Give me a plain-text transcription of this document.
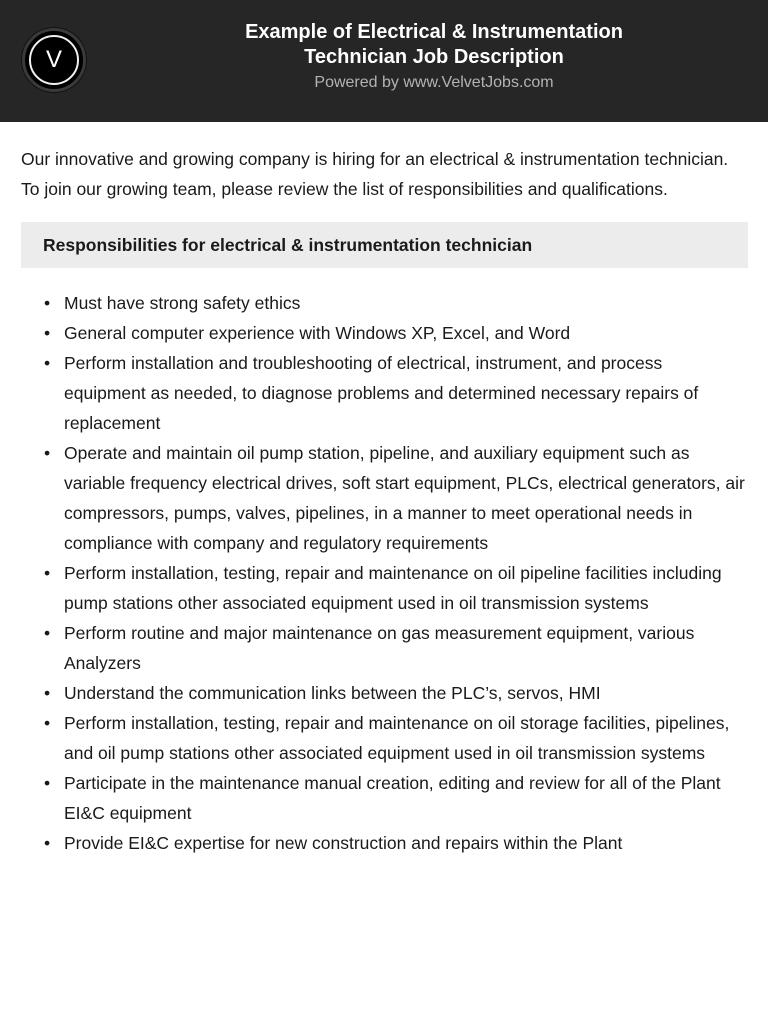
V
Example of Electrical & Instrumentation Technician Job Description
Powered by www.VelvetJobs.com

Our innovative and growing company is hiring for an electrical & instrumentation technician. To join our growing team, please review the list of responsibilities and qualifications.

Responsibilities for electrical & instrumentation technician
• Must have strong safety ethics
• General computer experience with Windows XP, Excel, and Word
• Perform installation and troubleshooting of electrical, instrument, and process equipment as needed, to diagnose problems and determined necessary repairs of replacement
• Operate and maintain oil pump station, pipeline, and auxiliary equipment such as variable frequency electrical drives, soft start equipment, PLCs, electrical generators, air compressors, pumps, valves, pipelines, in a manner to meet operational needs in compliance with company and regulatory requirements
• Perform installation, testing, repair and maintenance on oil pipeline facilities including pump stations other associated equipment used in oil transmission systems
• Perform routine and major maintenance on gas measurement equipment, various Analyzers
• Understand the communication links between the PLC’s, servos, HMI
• Perform installation, testing, repair and maintenance on oil storage facilities, pipelines, and oil pump stations other associated equipment used in oil transmission systems
• Participate in the maintenance manual creation, editing and review for all of the Plant EI&C equipment
• Provide EI&C expertise for new construction and repairs within the Plant
